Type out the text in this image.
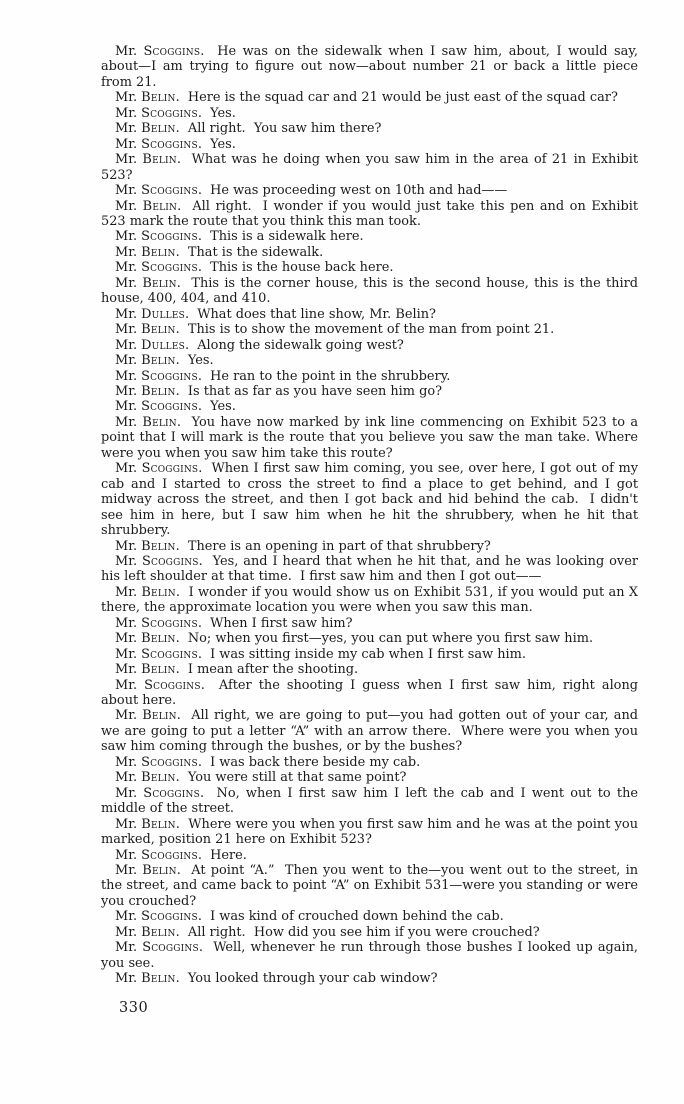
Mr. Scoggins.  He was on the sidewalk when I saw him, about, I would say, about—I am trying to figure out now—about number 21 or back a little piece from 21.

Mr. Belin.  Here is the squad car and 21 would be just east of the squad car?

Mr. Scoggins.  Yes.

Mr. Belin.  All right.  You saw him there?

Mr. Scoggins.  Yes.

Mr. Belin.  What was he doing when you saw him in the area of 21 in Exhibit 523?

Mr. Scoggins.  He was proceeding west on 10th and had——

Mr. Belin.  All right.  I wonder if you would just take this pen and on Exhibit 523 mark the route that you think this man took.

Mr. Scoggins.  This is a sidewalk here.

Mr. Belin.  That is the sidewalk.

Mr. Scoggins.  This is the house back here.

Mr. Belin.  This is the corner house, this is the second house, this is the third house, 400, 404, and 410.

Mr. Dulles.  What does that line show, Mr. Belin?

Mr. Belin.  This is to show the movement of the man from point 21.

Mr. Dulles.  Along the sidewalk going west?

Mr. Belin.  Yes.

Mr. Scoggins.  He ran to the point in the shrubbery.

Mr. Belin.  Is that as far as you have seen him go?

Mr. Scoggins.  Yes.

Mr. Belin.  You have now marked by ink line commencing on Exhibit 523 to a point that I will mark is the route that you believe you saw the man take. Where were you when you saw him take this route?

Mr. Scoggins.  When I first saw him coming, you see, over here, I got out of my cab and I started to cross the street to find a place to get behind, and I got midway across the street, and then I got back and hid behind the cab.  I didn't see him in here, but I saw him when he hit the shrubbery, when he hit that shrubbery.

Mr. Belin.  There is an opening in part of that shrubbery?

Mr. Scoggins.  Yes, and I heard that when he hit that, and he was looking over his left shoulder at that time.  I first saw him and then I got out——

Mr. Belin.  I wonder if you would show us on Exhibit 531, if you would put an X there, the approximate location you were when you saw this man.

Mr. Scoggins.  When I first saw him?

Mr. Belin.  No; when you first—yes, you can put where you first saw him.

Mr. Scoggins.  I was sitting inside my cab when I first saw him.

Mr. Belin.  I mean after the shooting.

Mr. Scoggins.  After the shooting I guess when I first saw him, right along about here.

Mr. Belin.  All right, we are going to put—you had gotten out of your car, and we are going to put a letter “A” with an arrow there.  Where were you when you saw him coming through the bushes, or by the bushes?

Mr. Scoggins.  I was back there beside my cab.

Mr. Belin.  You were still at that same point?

Mr. Scoggins.  No, when I first saw him I left the cab and I went out to the middle of the street.

Mr. Belin.  Where were you when you first saw him and he was at the point you marked, position 21 here on Exhibit 523?

Mr. Scoggins.  Here.

Mr. Belin.  At point “A.”  Then you went to the—you went out to the street, in the street, and came back to point “A” on Exhibit 531—were you standing or were you crouched?

Mr. Scoggins.  I was kind of crouched down behind the cab.

Mr. Belin.  All right.  How did you see him if you were crouched?

Mr. Scoggins.  Well, whenever he run through those bushes I looked up again, you see.

Mr. Belin.  You looked through your cab window?

330
